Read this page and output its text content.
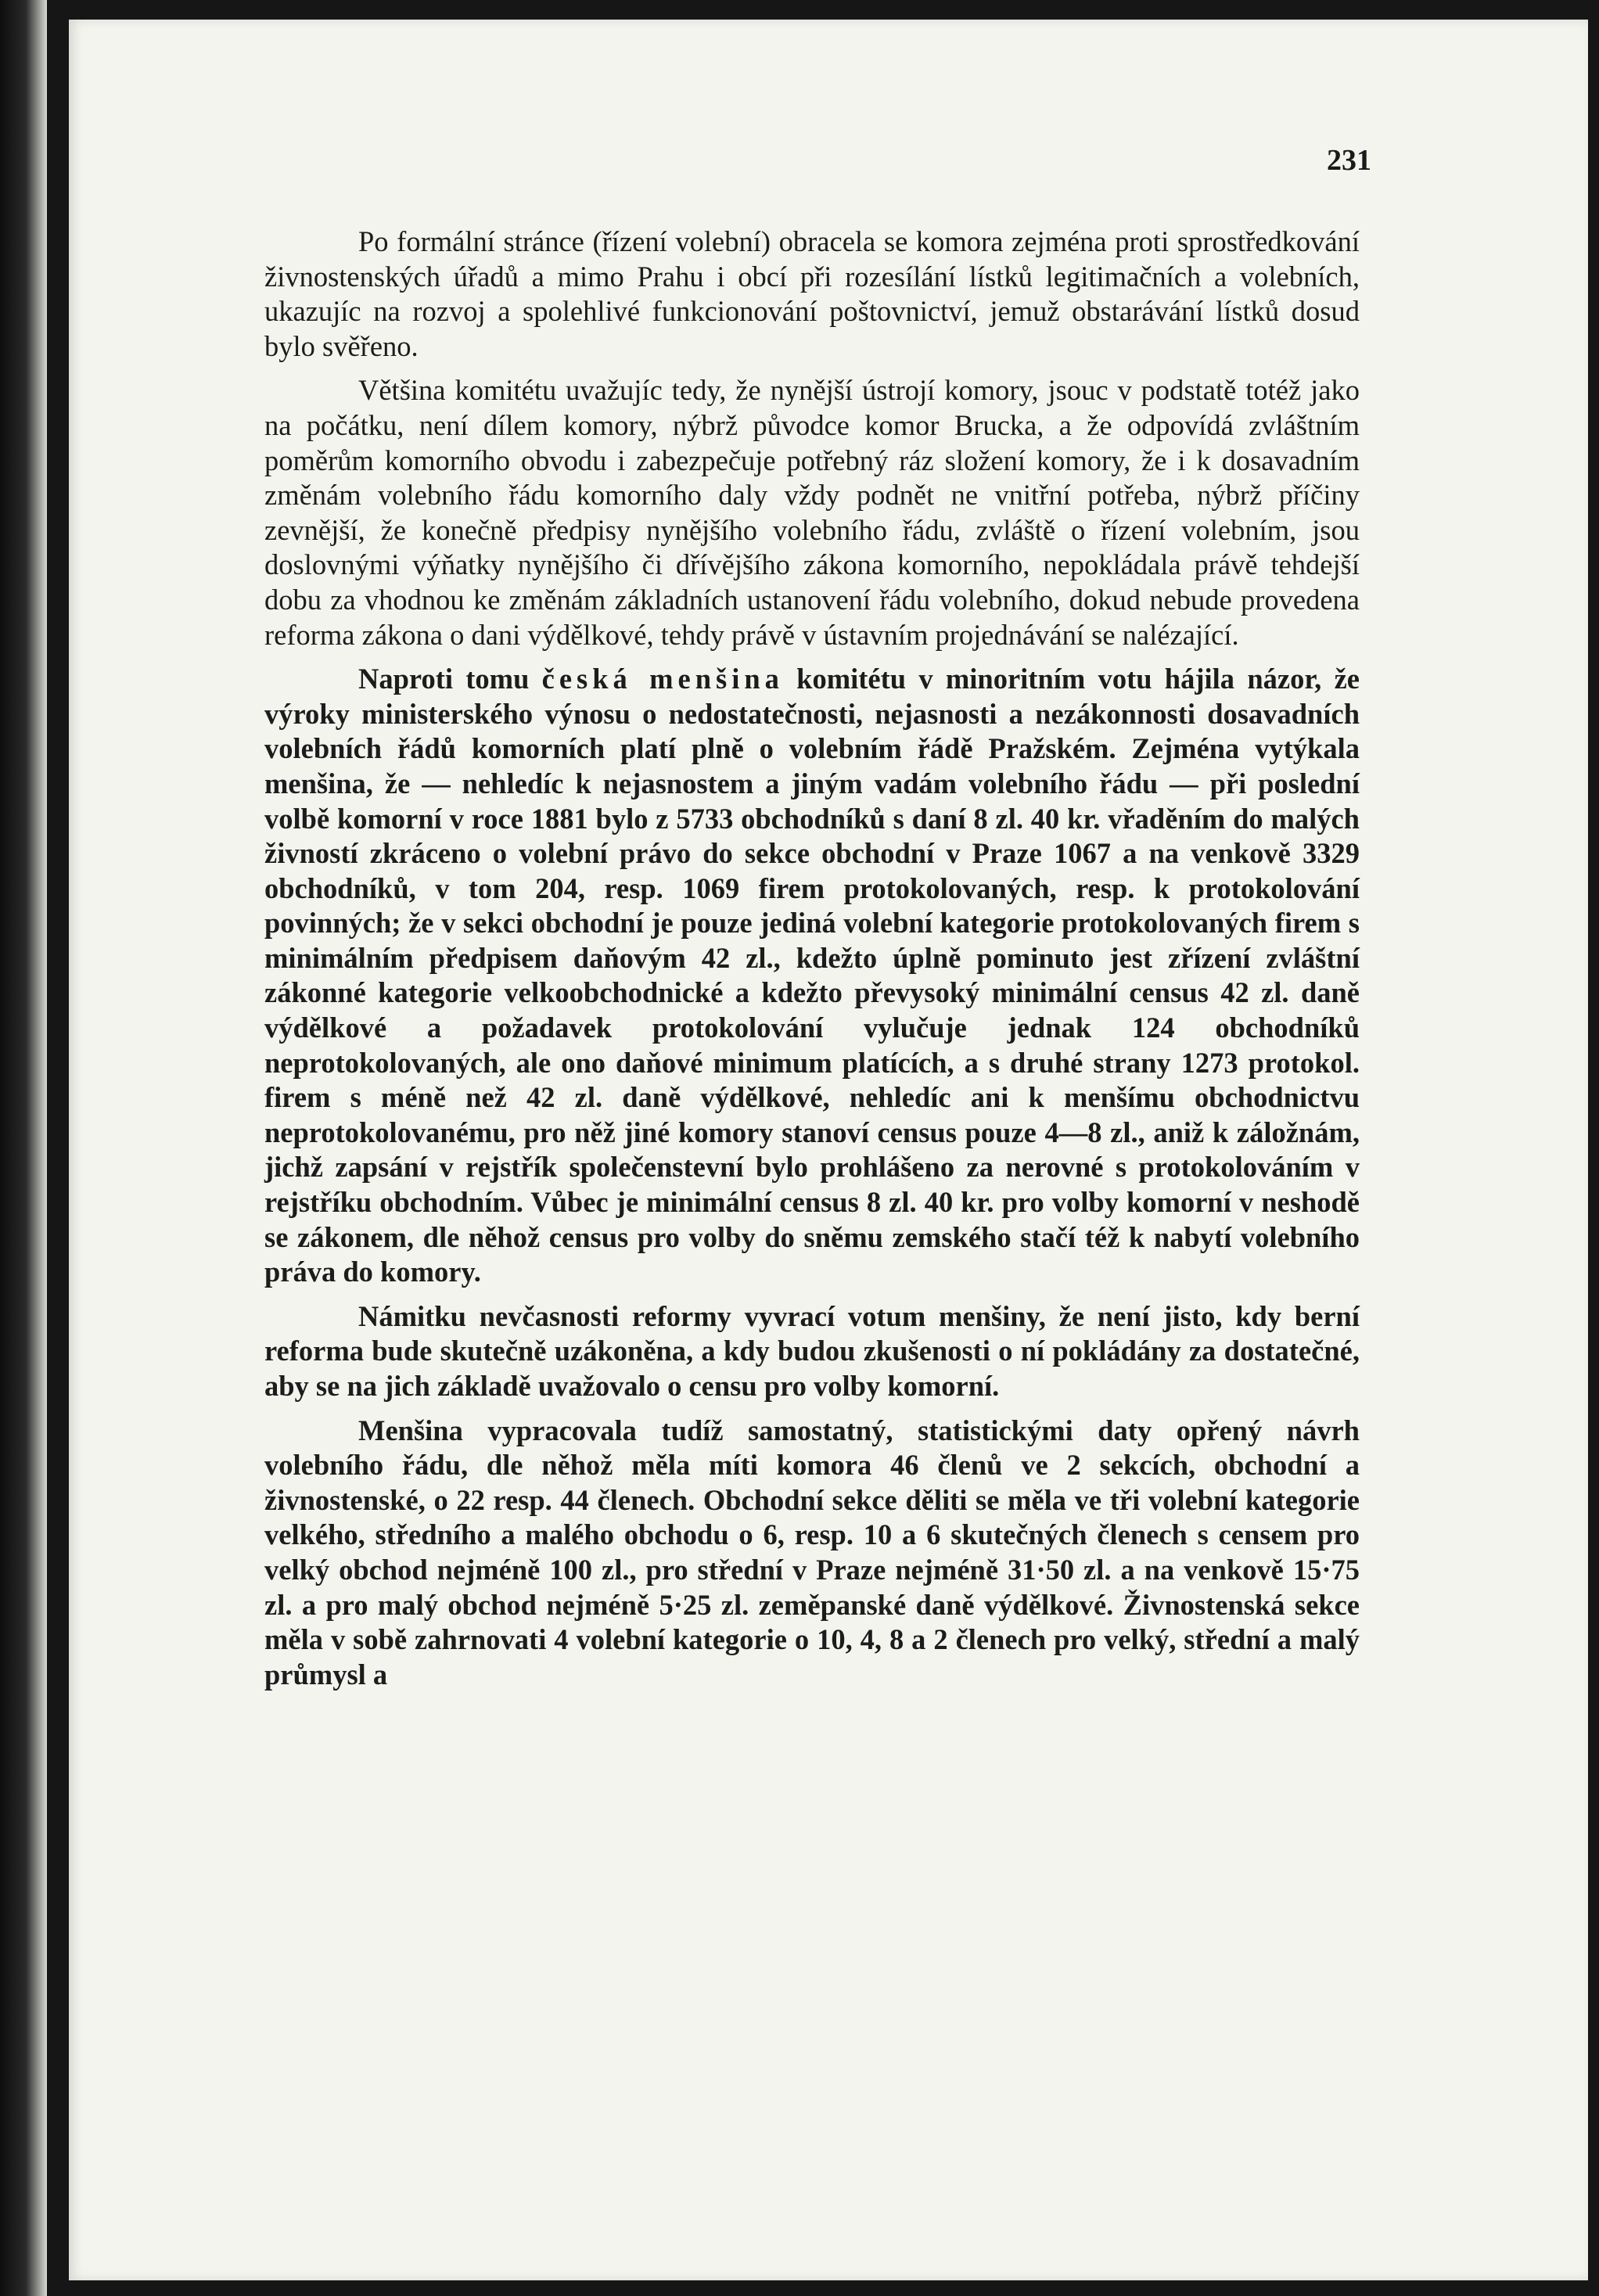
231

Po formální stránce (řízení volební) obracela se komora zejména proti sprostředkování živnostenských úřadů a mimo Prahu i obcí při rozesílání lístků legitimačních a volebních, ukazujíc na rozvoj a spolehlivé funkcionování poštovnictví, jemuž obstarávání lístků dosud bylo svěřeno.

Většina komitétu uvažujíc tedy, že nynější ústrojí komory, jsouc v podstatě totéž jako na počátku, není dílem komory, nýbrž původce komor Brucka, a že odpovídá zvláštním poměrům komorního obvodu i zabezpečuje potřebný ráz složení komory, že i k dosavadním změnám volebního řádu komorního daly vždy podnět ne vnitřní potřeba, nýbrž příčiny zevnější, že konečně předpisy nynějšího volebního řádu, zvláště o řízení volebním, jsou doslovnými výňatky nynějšího či dřívějšího zákona komorního, nepokládala právě tehdejší dobu za vhodnou ke změnám základních ustanovení řádu volebního, dokud nebude provedena reforma zákona o dani výdělkové, tehdy právě v ústavním projednávání se nalézající.

Naproti tomu česká menšina komitétu v minoritním votu hájila názor, že výroky ministerského výnosu o nedostatečnosti, nejasnosti a nezákonnosti dosavadních volebních řádů komorních platí plně o volebním řádě Pražském. Zejména vytýkala menšina, že — nehledíc k nejasnostem a jiným vadám volebního řádu — při poslední volbě komorní v roce 1881 bylo z 5733 obchodníků s daní 8 zl. 40 kr. vřaděním do malých živností zkráceno o volební právo do sekce obchodní v Praze 1067 a na venkově 3329 obchodníků, v tom 204, resp. 1069 firem protokolovaných, resp. k protokolování povinných; že v sekci obchodní je pouze jediná volební kategorie protokolovaných firem s minimálním předpisem daňovým 42 zl., kdežto úplně pominuto jest zřízení zvláštní zákonné kategorie velkoobchodnické a kdežto převysoký minimální census 42 zl. daně výdělkové a požadavek protokolování vylučuje jednak 124 obchodníků neprotokolovaných, ale ono daňové minimum platících, a s druhé strany 1273 protokol. firem s méně než 42 zl. daně výdělkové, nehledíc ani k menšímu obchodnictvu neprotokolovanému, pro něž jiné komory stanoví census pouze 4—8 zl., aniž k záložnám, jichž zapsání v rejstřík společenstevní bylo prohlášeno za nerovné s protokolováním v rejstříku obchodním. Vůbec je minimální census 8 zl. 40 kr. pro volby komorní v neshodě se zákonem, dle něhož census pro volby do sněmu zemského stačí též k nabytí volebního práva do komory.

Námitku nevčasnosti reformy vyvrací votum menšiny, že není jisto, kdy berní reforma bude skutečně uzákoněna, a kdy budou zkušenosti o ní pokládány za dostatečné, aby se na jich základě uvažovalo o censu pro volby komorní.

Menšina vypracovala tudíž samostatný, statistickými daty opřený návrh volebního řádu, dle něhož měla míti komora 46 členů ve 2 sekcích, obchodní a živnostenské, o 22 resp. 44 členech. Obchodní sekce děliti se měla ve tři volební kategorie velkého, středního a malého obchodu o 6, resp. 10 a 6 skutečných členech s censem pro velký obchod nejméně 100 zl., pro střední v Praze nejméně 31·50 zl. a na venkově 15·75 zl. a pro malý obchod nejméně 5·25 zl. zeměpanské daně výdělkové. Živnostenská sekce měla v sobě zahrnovati 4 volební kategorie o 10, 4, 8 a 2 členech pro velký, střední a malý průmysl a
